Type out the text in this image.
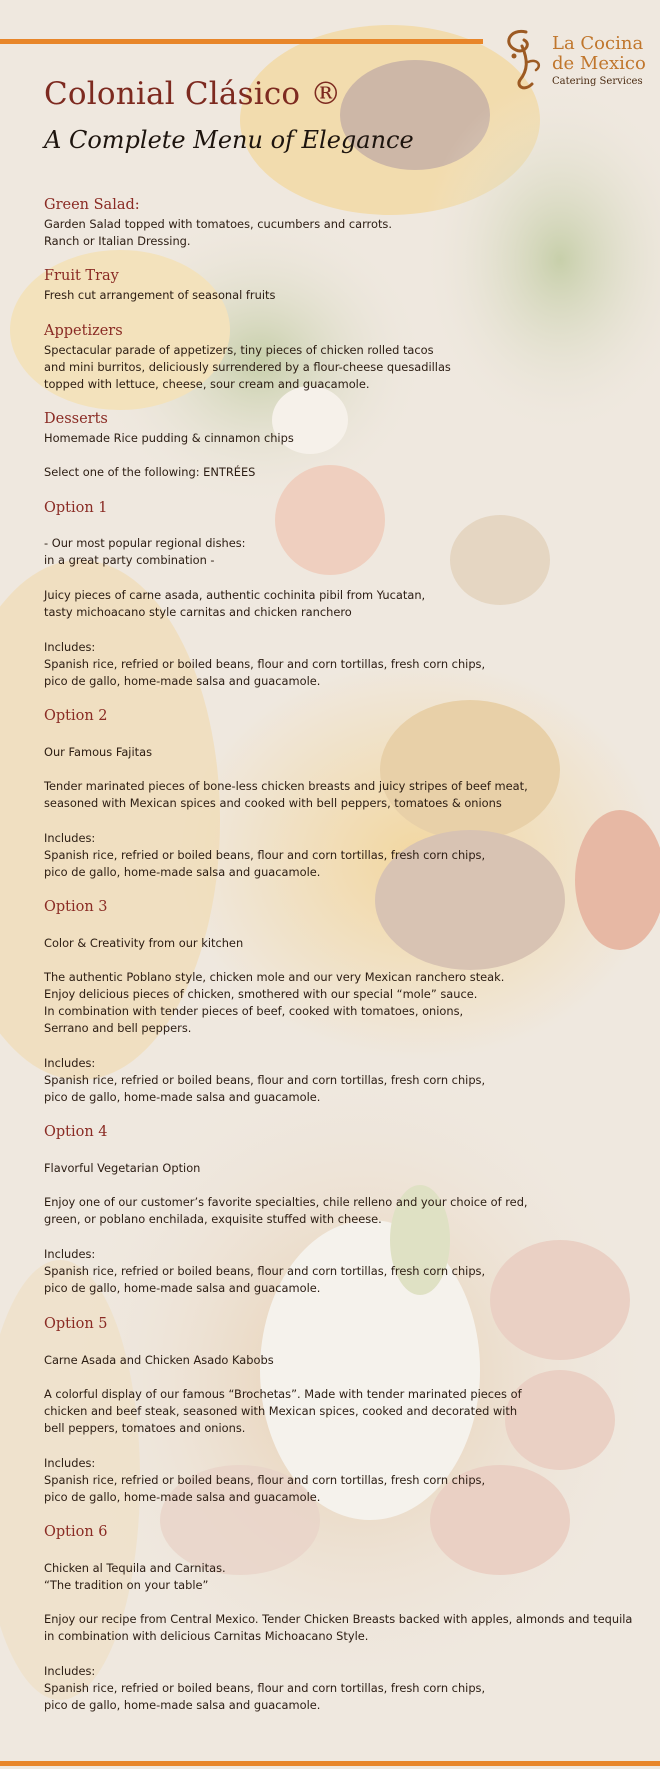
La Cocina
de Mexico
Catering Services
Colonial Clásico ®
A Complete Menu of Elegance
Green Salad:
Garden Salad topped with tomatoes, cucumbers and carrots.
Ranch or Italian Dressing.
Fruit Tray
Fresh cut arrangement of seasonal fruits
Appetizers
Spectacular parade of appetizers, tiny pieces of chicken rolled tacos
and mini burritos, deliciously surrendered by a flour-cheese quesadillas
topped with lettuce, cheese, sour cream and guacamole.
Desserts
Homemade Rice pudding & cinnamon chips
Select one of the following: ENTRÉES
Option 1
- Our most popular regional dishes:
in a great party combination -
Juicy pieces of carne asada, authentic cochinita pibil from Yucatan,
tasty michoacano style carnitas and chicken ranchero
Includes:
Spanish rice, refried or boiled beans, flour and corn tortillas, fresh corn chips,
pico de gallo, home-made salsa and guacamole.
Option 2
Our Famous Fajitas
Tender marinated pieces of bone-less chicken breasts and juicy stripes of beef meat,
seasoned with Mexican spices and cooked with bell peppers, tomatoes & onions
Includes:
Spanish rice, refried or boiled beans, flour and corn tortillas, fresh corn chips,
pico de gallo, home-made salsa and guacamole.
Option 3
Color & Creativity from our kitchen
The authentic Poblano style, chicken mole and our very Mexican ranchero steak.
Enjoy delicious pieces of chicken, smothered with our special “mole” sauce.
In combination with tender pieces of beef, cooked with tomatoes, onions,
Serrano and bell peppers.
Includes:
Spanish rice, refried or boiled beans, flour and corn tortillas, fresh corn chips,
pico de gallo, home-made salsa and guacamole.
Option 4
Flavorful Vegetarian Option
Enjoy one of our customer’s favorite specialties, chile relleno and your choice of red,
green, or poblano enchilada, exquisite stuffed with cheese.
Includes:
Spanish rice, refried or boiled beans, flour and corn tortillas, fresh corn chips,
pico de gallo, home-made salsa and guacamole.
Option 5
Carne Asada and Chicken Asado Kabobs
A colorful display of our famous “Brochetas”. Made with tender marinated pieces of
chicken and beef steak, seasoned with Mexican spices, cooked and decorated with
bell peppers, tomatoes and onions.
Includes:
Spanish rice, refried or boiled beans, flour and corn tortillas, fresh corn chips,
pico de gallo, home-made salsa and guacamole.
Option 6
Chicken al Tequila and Carnitas.
“The tradition on your table”
Enjoy our recipe from Central Mexico. Tender Chicken Breasts backed with apples, almonds and tequila
in combination with delicious Carnitas Michoacano Style.
Includes:
Spanish rice, refried or boiled beans, flour and corn tortillas, fresh corn chips,
pico de gallo, home-made salsa and guacamole.
